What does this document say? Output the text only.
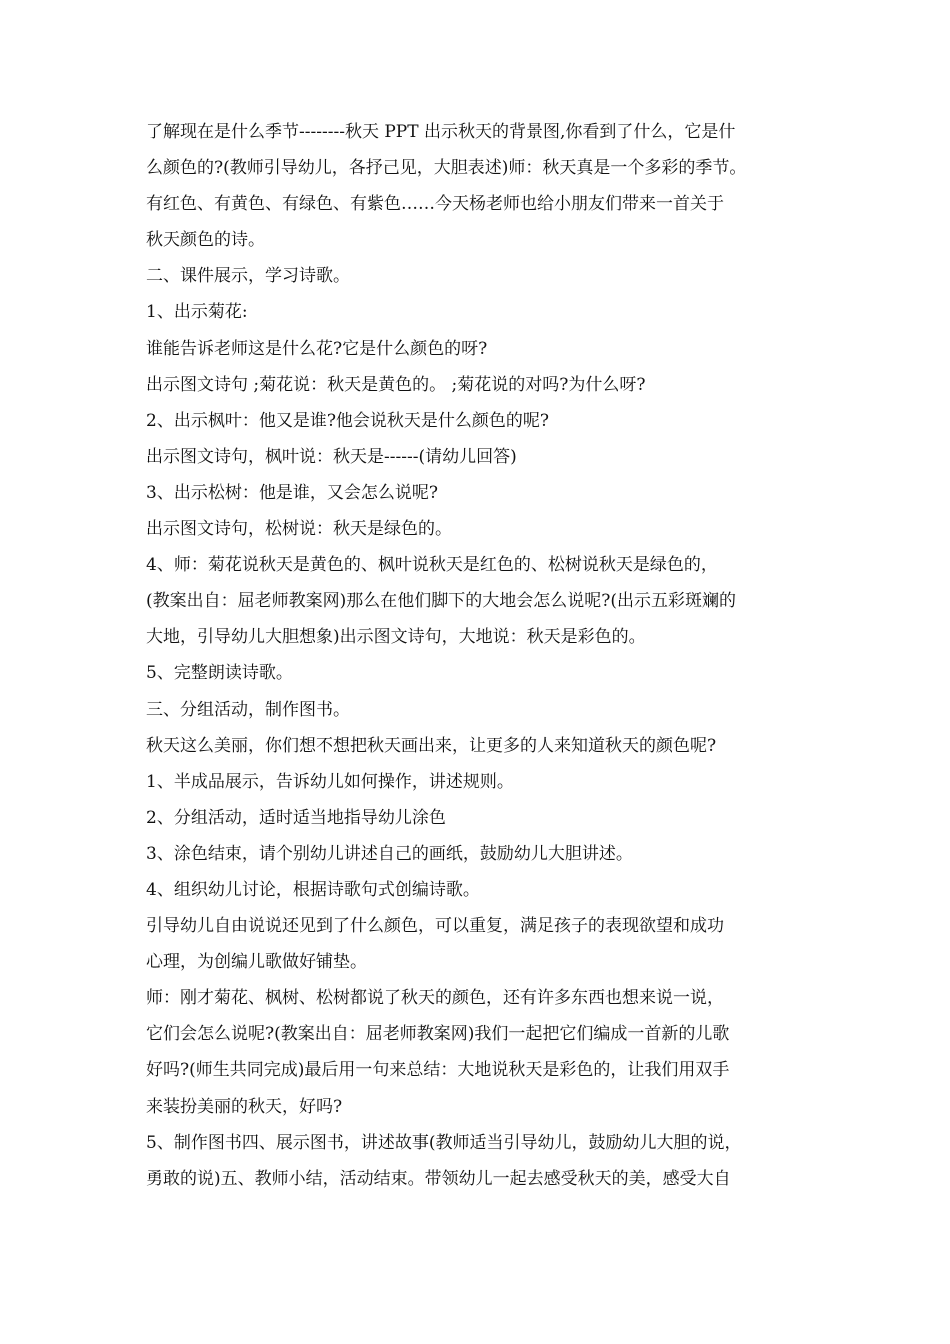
了解现在是什么季节--------秋天 PPT 出示秋天的背景图,你看到了什么，它是什
么颜色的?(教师引导幼儿，各抒己见，大胆表述)师：秋天真是一个多彩的季节。
有红色、有黄色、有绿色、有紫色……今天杨老师也给小朋友们带来一首关于
秋天颜色的诗。
二、课件展示，学习诗歌。
1、出示菊花:
谁能告诉老师这是什么花?它是什么颜色的呀?
出示图文诗句 ;菊花说：秋天是黄色的。 ;菊花说的对吗?为什么呀?
2、出示枫叶：他又是谁?他会说秋天是什么颜色的呢?
出示图文诗句，枫叶说：秋天是------(请幼儿回答)
3、出示松树：他是谁，又会怎么说呢?
出示图文诗句，松树说：秋天是绿色的。
4、师：菊花说秋天是黄色的、枫叶说秋天是红色的、松树说秋天是绿色的，
(教案出自：屈老师教案网)那么在他们脚下的大地会怎么说呢?(出示五彩斑斓的
大地，引导幼儿大胆想象)出示图文诗句，大地说：秋天是彩色的。
5、完整朗读诗歌。
三、分组活动，制作图书。
秋天这么美丽，你们想不想把秋天画出来，让更多的人来知道秋天的颜色呢?
1、半成品展示，告诉幼儿如何操作，讲述规则。
2、分组活动，适时适当地指导幼儿涂色
3、涂色结束，请个别幼儿讲述自己的画纸，鼓励幼儿大胆讲述。
4、组织幼儿讨论，根据诗歌句式创编诗歌。
引导幼儿自由说说还见到了什么颜色，可以重复，满足孩子的表现欲望和成功
心理，为创编儿歌做好铺垫。
师：刚才菊花、枫树、松树都说了秋天的颜色，还有许多东西也想来说一说，
它们会怎么说呢?(教案出自：屈老师教案网)我们一起把它们编成一首新的儿歌
好吗?(师生共同完成)最后用一句来总结：大地说秋天是彩色的，让我们用双手
来装扮美丽的秋天，好吗?
5、制作图书四、展示图书，讲述故事(教师适当引导幼儿，鼓励幼儿大胆的说，
勇敢的说)五、教师小结，活动结束。带领幼儿一起去感受秋天的美，感受大自
